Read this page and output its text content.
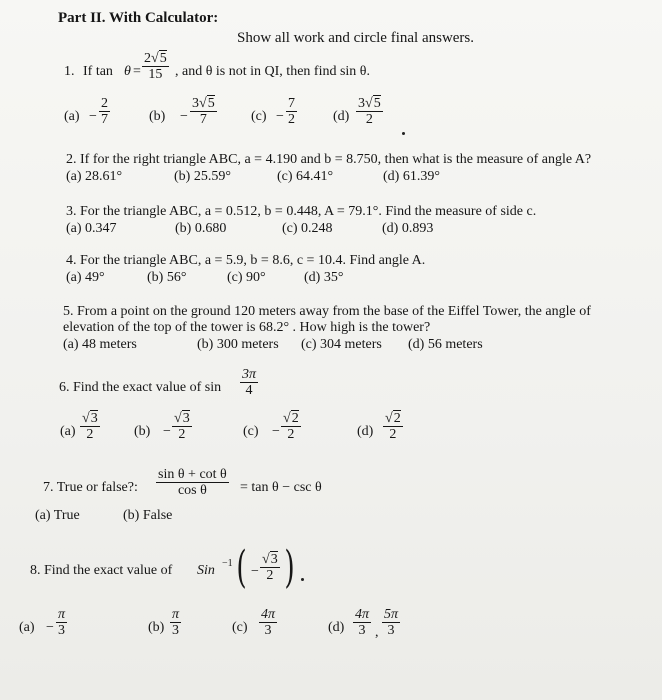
Part II. With Calculator:
Show all work and circle final answers.
1. If $\tan \theta = \frac{2√5}{15}$ , and θ is not in QI, then find sin θ.
$(a) - \frac{2}{7}$	$(b) - \frac{3√5}{7} (c) - \frac{7}{2}$	$(d) \frac{3√5}{2}$
2. If for the right triangle ABC, a = 4.190 and b = 8.750, then what is the measure of angle A?
(a) 28.61°	(b) 25.59°	(c) 64.41°	(d) 61.39°
3. For the triangle ABC, a = 0.512, b = 0.448, A = 79.1°. Find the measure of side c.
(a) 0.347	(b) 0.680	(c) 0.248	(d) 0.893
4. For the triangle ABC, a = 5.9, b = 8.6, c = 10.4. Find angle A.
(a) 49°	(b) 56°	(c) 90°	(d) 35°
5. From a point on the ground 120 meters away from the base of the Eiffel Tower, the angle of
elevation of the top of the tower is 68.2° . How high is the tower?
(a) 48 meters	(b) 300 meters (c) 304 meters (d) 56 meters
6. Find the exact value of $\sin \frac{3\pi}{4}$
$(a) \frac{√3}{2} (b) - \frac{√3}{2}$	$(c) - \frac{√2}{2}$	$(d) \frac{√2}{2}$
7. True or false?: $\frac{\text{sin θ + cot θ}}{\text{cos θ}} = \tan \theta - \csc \theta$
(a) True	(b) False
8. Find the exact value of Sin −1 ( − $\frac{√3}{2}$ )
$(a) - \frac{\pi}{3}$	$(b) \frac{\pi}{3}$	$(c) \frac{4\pi}{3}$	$(d) \frac{4\pi}{3}$ , $\frac{5\pi}{3}$
